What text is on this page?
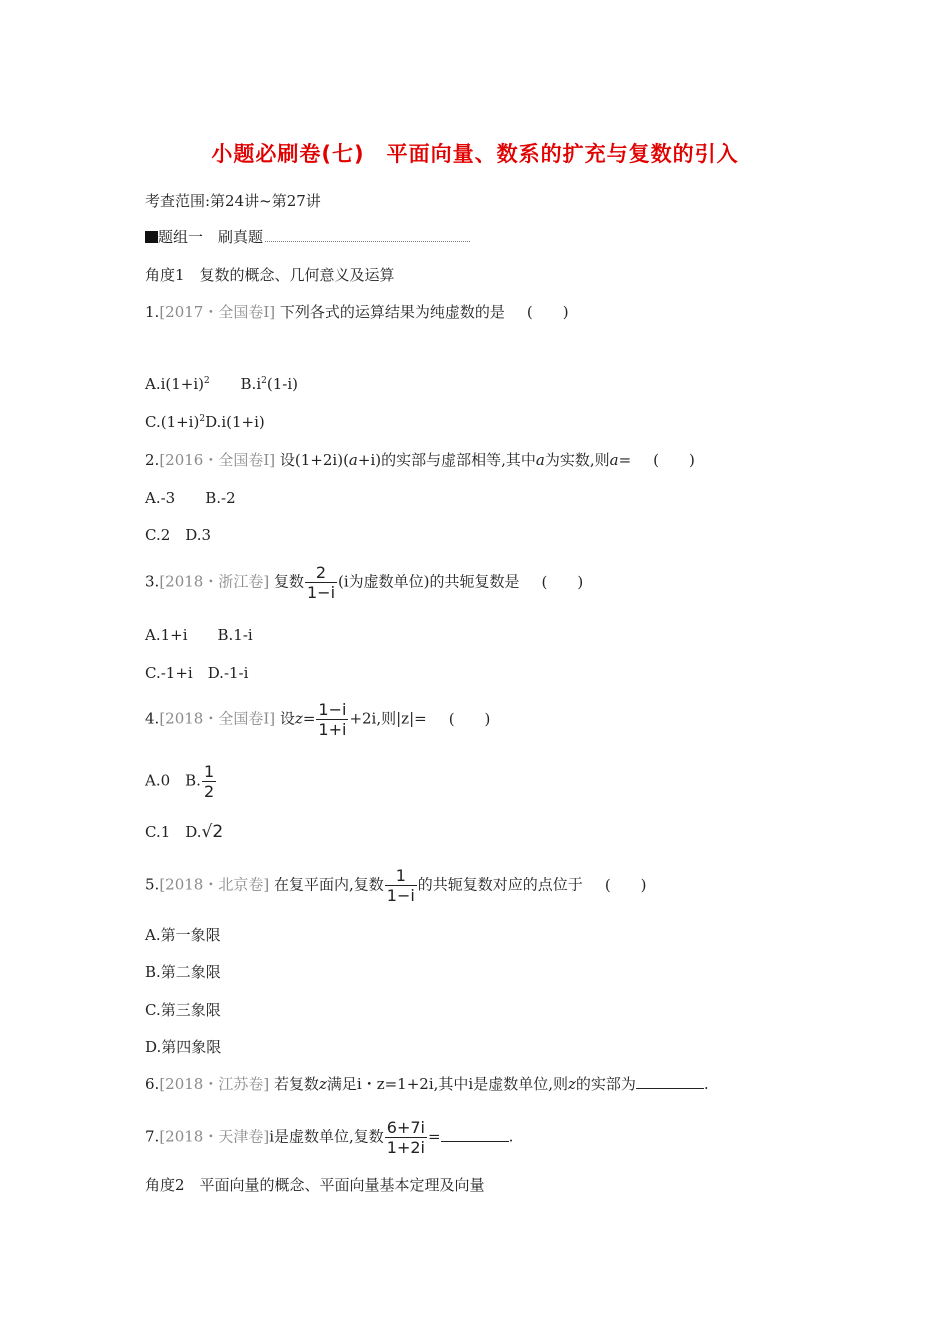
小题必刷卷(七)　平面向量、数系的扩充与复数的引入
考查范围:第24讲~第27讲
题组一　刷真题
角度1　复数的概念、几何意义及运算
1.[2017・全国卷Ⅰ] 下列各式的运算结果为纯虚数的是 (　　)
$A.i(1+i)^2$ $B.i^2(1-i)$
$C.(1+i)^2D.i(1+i)$
2.[2016・全国卷Ⅰ] 设(1+2i)(a+i)的实部与虚部相等,其中a为实数,则a= (　　)
A.-3　　B.-2
C.2　D.3
3.[2018・浙江卷] 复数 $\frac{2}{1-i} (i$为虚数单位)的共轭复数是 (　　)
A.1+i　　B.1-i
C.-1+i　D.-1-i
4.[2018・全国卷Ⅰ] 设$z= \frac{1-i}{1+i} +2i$,则|z|= (　　)
A.0　B. $\frac{1}{2}$
C.1　D.√2
5.[2018・北京卷] 在复平面内,复数 $\frac{1}{1-i}$ 的共轭复数对应的点位于 (　　)
A.第一象限
B.第二象限
C.第三象限
D.第四象限
6.[2018・江苏卷] 若复数z满足i・z=1+2i,其中i是虚数单位,则z的实部为	.
7.[2018・天津卷]i是虚数单位,复数 $\frac{6+7i}{1+2i}$ =	.
角度2　平面向量的概念、平面向量基本定理及向量
